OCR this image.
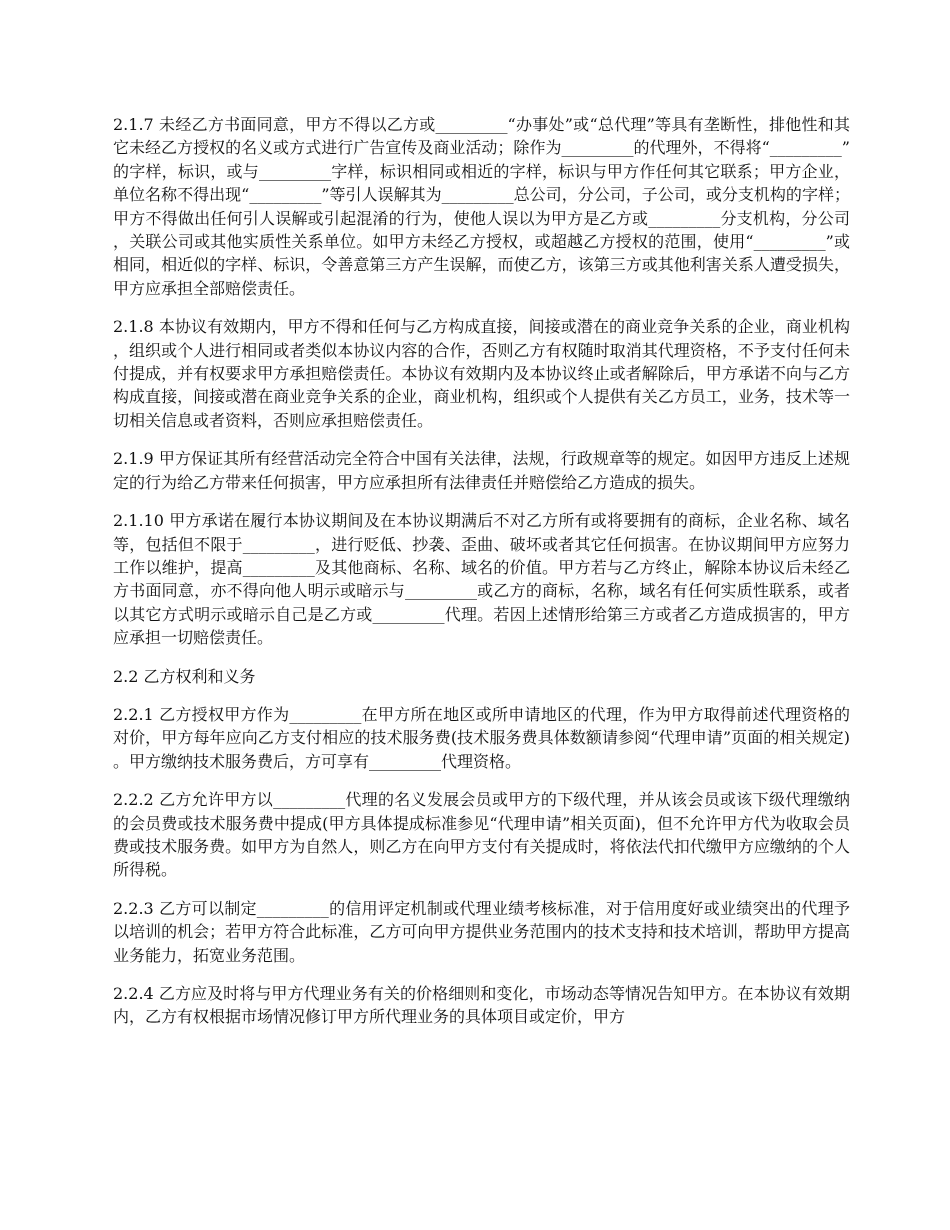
2.1.7 未经乙方书面同意，甲方不得以乙方或_________“办事处”或“总代理”等具有垄断性，排他性和其它未经乙方授权的名义或方式进行广告宣传及商业活动；除作为_________的代理外，不得将“_________”的字样，标识，或与_________字样，标识相同或相近的字样，标识与甲方作任何其它联系；甲方企业，单位名称不得出现“_________”等引人误解其为_________总公司，分公司，子公司，或分支机构的字样；甲方不得做出任何引人误解或引起混淆的行为，使他人误以为甲方是乙方或_________分支机构，分公司，关联公司或其他实质性关系单位。如甲方未经乙方授权，或超越乙方授权的范围，使用“_________”或相同，相近似的字样、标识，令善意第三方产生误解，而使乙方，该第三方或其他利害关系人遭受损失，甲方应承担全部赔偿责任。

2.1.8 本协议有效期内，甲方不得和任何与乙方构成直接，间接或潜在的商业竞争关系的企业，商业机构，组织或个人进行相同或者类似本协议内容的合作，否则乙方有权随时取消其代理资格，不予支付任何未付提成，并有权要求甲方承担赔偿责任。本协议有效期内及本协议终止或者解除后，甲方承诺不向与乙方构成直接，间接或潜在商业竞争关系的企业，商业机构，组织或个人提供有关乙方员工，业务，技术等一切相关信息或者资料，否则应承担赔偿责任。

2.1.9 甲方保证其所有经营活动完全符合中国有关法律，法规，行政规章等的规定。如因甲方违反上述规定的行为给乙方带来任何损害，甲方应承担所有法律责任并赔偿给乙方造成的损失。

2.1.10 甲方承诺在履行本协议期间及在本协议期满后不对乙方所有或将要拥有的商标，企业名称、域名等，包括但不限于_________，进行贬低、抄袭、歪曲、破坏或者其它任何损害。在协议期间甲方应努力工作以维护，提高_________及其他商标、名称、域名的价值。甲方若与乙方终止，解除本协议后未经乙方书面同意，亦不得向他人明示或暗示与_________或乙方的商标，名称，域名有任何实质性联系，或者以其它方式明示或暗示自己是乙方或_________代理。若因上述情形给第三方或者乙方造成损害的，甲方应承担一切赔偿责任。

2.2 乙方权利和义务

2.2.1 乙方授权甲方作为_________在甲方所在地区或所申请地区的代理，作为甲方取得前述代理资格的对价，甲方每年应向乙方支付相应的技术服务费(技术服务费具体数额请参阅“代理申请”页面的相关规定)。甲方缴纳技术服务费后，方可享有_________代理资格。

2.2.2 乙方允许甲方以_________代理的名义发展会员或甲方的下级代理，并从该会员或该下级代理缴纳的会员费或技术服务费中提成(甲方具体提成标准参见“代理申请”相关页面)，但不允许甲方代为收取会员费或技术服务费。如甲方为自然人，则乙方在向甲方支付有关提成时，将依法代扣代缴甲方应缴纳的个人所得税。

2.2.3 乙方可以制定_________的信用评定机制或代理业绩考核标准，对于信用度好或业绩突出的代理予以培训的机会；若甲方符合此标准，乙方可向甲方提供业务范围内的技术支持和技术培训，帮助甲方提高业务能力，拓宽业务范围。

2.2.4 乙方应及时将与甲方代理业务有关的价格细则和变化，市场动态等情况告知甲方。在本协议有效期内，乙方有权根据市场情况修订甲方所代理业务的具体项目或定价，甲方
